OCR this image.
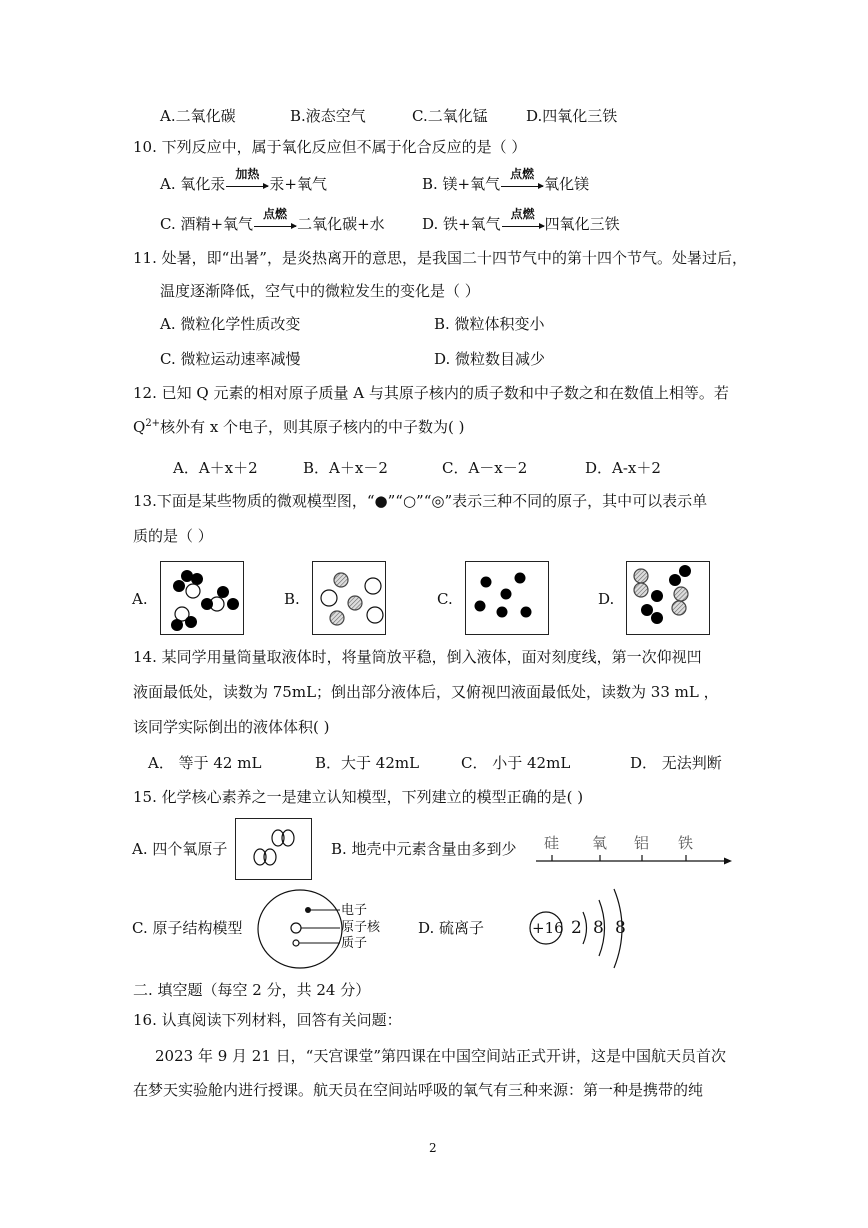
A.二氧化碳	B.液态空气	C.二氧化锰	D.四氧化三铁
10. 下列反应中，属于氧化反应但不属于化合反应的是（ ）
A. 氧化汞
加热
汞+氧气	B. 镁+氧气
点燃
氧化镁
C. 酒精+氧气
点燃
二氧化碳+水 D. 铁+氧气
点燃
四氧化三铁
11. 处暑，即“出暑”，是炎热离开的意思，是我国二十四节气中的第十四个节气。处暑过后，
温度逐渐降低，空气中的微粒发生的变化是（ ）
A. 微粒化学性质改变	B. 微粒体积变小
C. 微粒运动速率减慢	D. 微粒数目减少
12. 已知 Q 元素的相对原子质量 A 与其原子核内的质子数和中子数之和在数值上相等。若
$Q^{2+}$核外有 x 个电子，则其原子核内的中子数为( )
A．A＋x＋2	B．A＋x－2	C．A－x－2	D．A-x＋2
13.下面是某些物质的微观模型图，“●”“○”“◎”表示三种不同的原子，其中可以表示单
质的是（ ）
A.	B.	C.	D.
14. 某同学用量筒量取液体时，将量筒放平稳，倒入液体，面对刻度线，第一次仰视凹
液面最低处，读数为 75mL；倒出部分液体后，又俯视凹液面最低处，读数为 33 mL ，
该同学实际倒出的液体体积( )
A． 等于 42 mL	B．大于 42mL	C． 小于 42mL	D． 无法判断
15. 化学核心素养之一是建立认知模型，下列建立的模型正确的是( )
A. 四个氧原子	B. 地壳中元素含量由多到少 硅 氧 铝 铁
C. 原子结构模型
电子
原子核
质子
D. 硫离子	+16 2 8 8
二. 填空题（每空 2 分，共 24 分）
16. 认真阅读下列材料，回答有关问题：
2023 年 9 月 21 日，“天宫课堂”第四课在中国空间站正式开讲，这是中国航天员首次
在梦天实验舱内进行授课。航天员在空间站呼吸的氧气有三种来源：第一种是携带的纯
2
